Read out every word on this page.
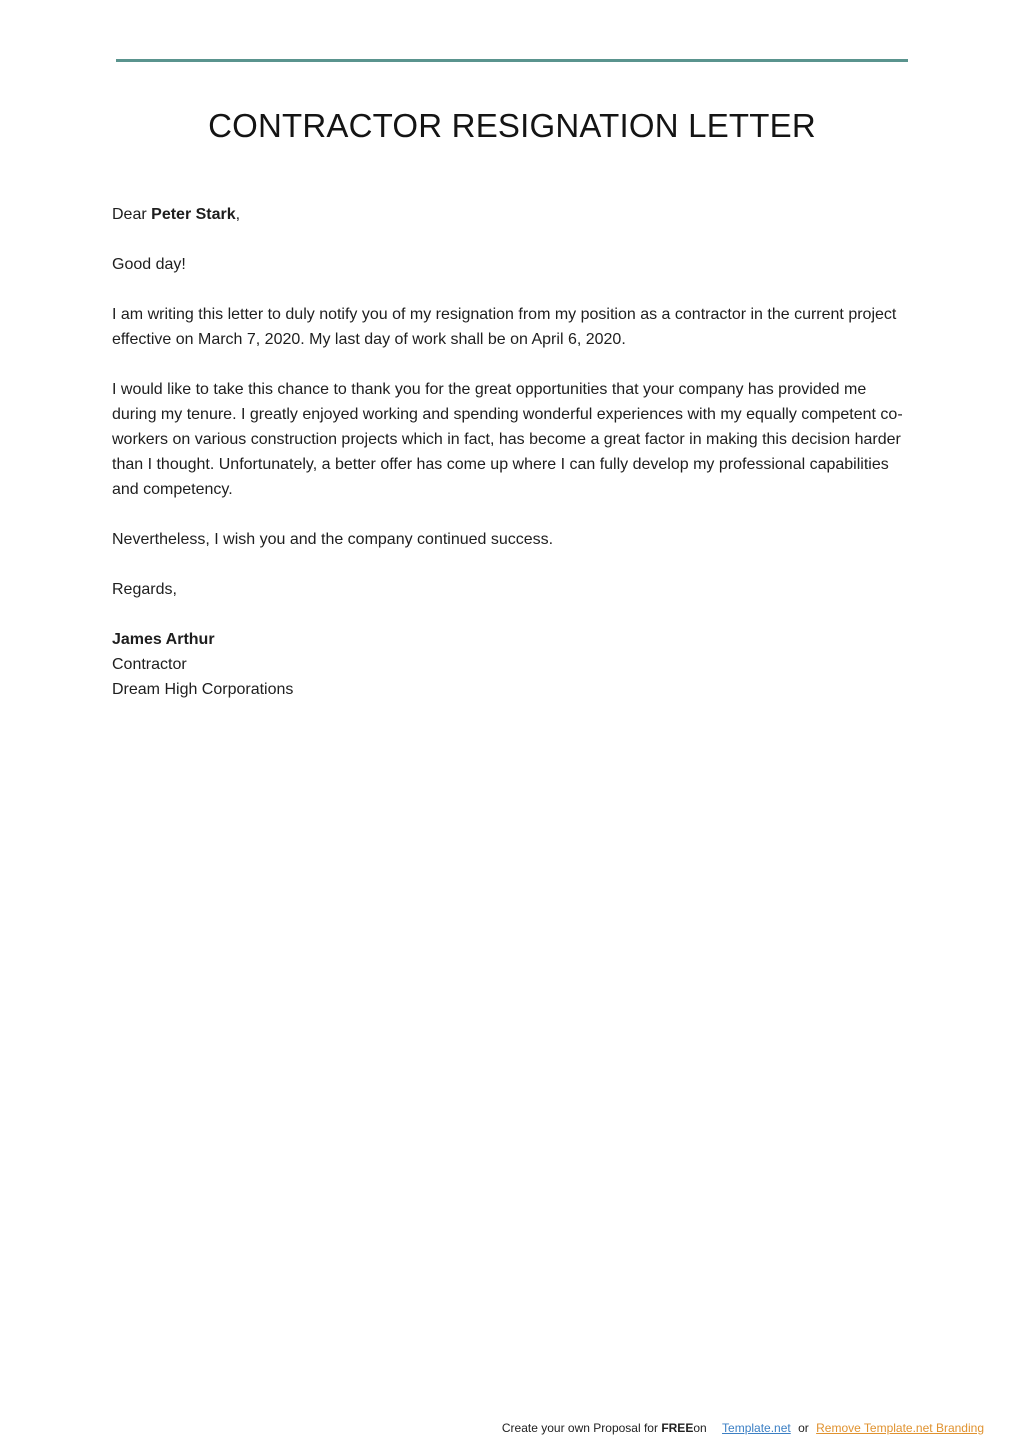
CONTRACTOR RESIGNATION LETTER

Dear Peter Stark,

Good day!

I am writing this letter to duly notify you of my resignation from my position as a contractor in the current project effective on March 7, 2020. My last day of work shall be on April 6, 2020.

I would like to take this chance to thank you for the great opportunities that your company has provided me during my tenure. I greatly enjoyed working and spending wonderful experiences with my equally competent co-workers on various construction projects which in fact, has become a great factor in making this decision harder than I thought. Unfortunately, a better offer has come up where I can fully develop my professional capabilities and competency.

Nevertheless, I wish you and the company continued success.

Regards,

James Arthur

Contractor

Dream High Corporations

Create your own Proposal for FREEon Template.net or Remove Template.net Branding
